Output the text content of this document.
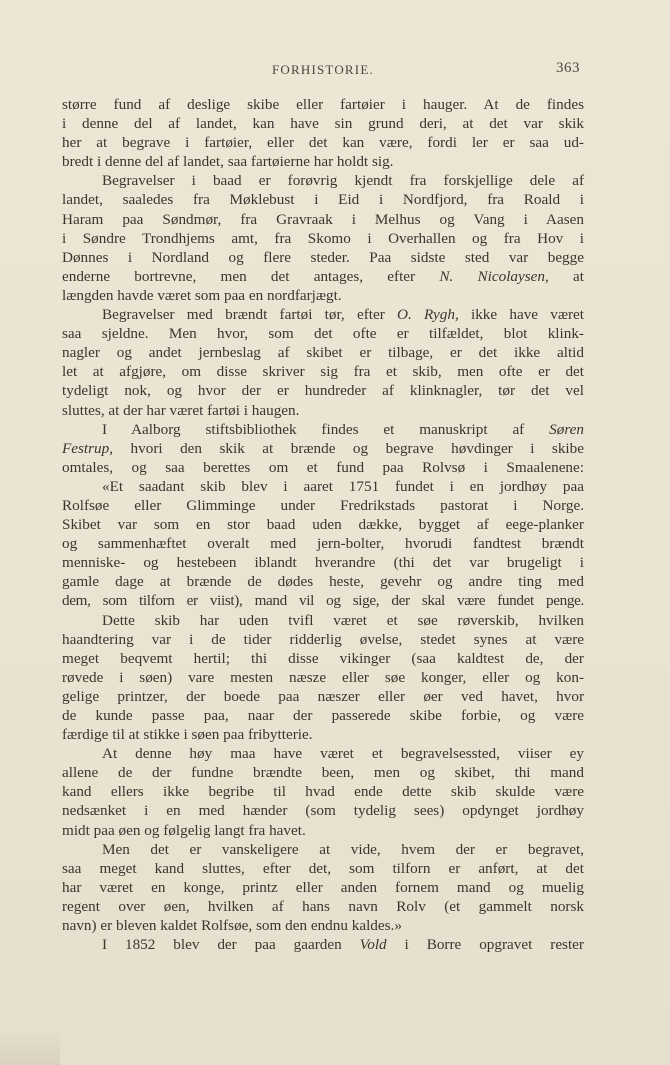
FORHISTORIE.	363
større fund af deslige skibe eller fartøier i hauger. At de findes
i denne del af landet, kan have sin grund deri, at det var skik
her at begrave i fartøier, eller det kan være, fordi ler er saa ud-
bredt i denne del af landet, saa fartøierne har holdt sig.
Begravelser i baad er forøvrig kjendt fra forskjellige dele af
landet, saaledes fra Møklebust i Eid i Nordfjord, fra Roald i
Haram paa Søndmør, fra Gravraak i Melhus og Vang i Aasen
i Søndre Trondhjems amt, fra Skomo i Overhallen og fra Hov i
Dønnes i Nordland og flere steder. Paa sidste sted var begge
enderne bortrevne, men det antages, efter N. Nicolaysen, at
længden havde været som paa en nordfarjægt.
Begravelser med brændt fartøi tør, efter O. Rygh, ikke have været
saa sjeldne. Men hvor, som det ofte er tilfældet, blot klink-
nagler og andet jernbeslag af skibet er tilbage, er det ikke altid
let at afgjøre, om disse skriver sig fra et skib, men ofte er det
tydeligt nok, og hvor der er hundreder af klinknagler, tør det vel
sluttes, at der har været fartøi i haugen.
I Aalborg stiftsbibliothek findes et manuskript af Søren
Festrup, hvori den skik at brænde og begrave høvdinger i skibe
omtales, og saa berettes om et fund paa Rolvsø i Smaalenene:
«Et saadant skib blev i aaret 1751 fundet i en jordhøy paa
Rolfsøe eller Glimminge under Fredrikstads pastorat i Norge.
Skibet var som en stor baad uden dække, bygget af eege-planker
og sammenhæftet overalt med jern-bolter, hvorudi fandtest brændt
menniske- og hestebeen iblandt hverandre (thi det var brugeligt i
gamle dage at brænde de dødes heste, gevehr og andre ting med
dem, som tilforn er viist), mand vil og sige, der skal være fundet penge.
Dette skib har uden tvifl været et søe røverskib, hvilken
haandtering var i de tider ridderlig øvelse, stedet synes at være
meget beqvemt hertil; thi disse vikinger (saa kaldtest de, der
røvede i søen) vare mesten næsze eller søe konger, eller og kon-
gelige printzer, der boede paa næszer eller øer ved havet, hvor
de kunde passe paa, naar der passerede skibe forbie, og være
færdige til at stikke i søen paa fribytterie.
At denne høy maa have været et begravelsessted, viiser ey
allene de der fundne brændte been, men og skibet, thi mand
kand ellers ikke begribe til hvad ende dette skib skulde være
nedsænket i en med hænder (som tydelig sees) opdynget jordhøy
midt paa øen og følgelig langt fra havet.
Men det er vanskeligere at vide, hvem der er begravet,
saa meget kand sluttes, efter det, som tilforn er anført, at det
har været en konge, printz eller anden fornem mand og muelig
regent over øen, hvilken af hans navn Rolv (et gammelt norsk
navn) er bleven kaldet Rolfsøe, som den endnu kaldes.»
I 1852 blev der paa gaarden Vold i Borre opgravet rester
